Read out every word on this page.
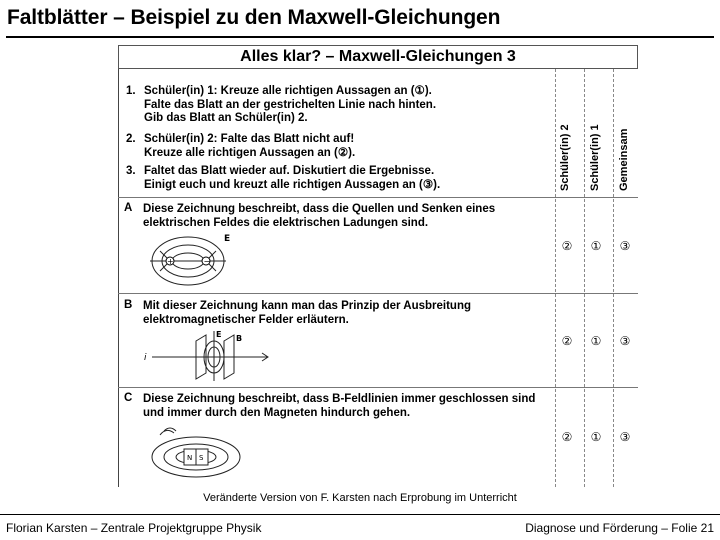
Faltblätter – Beispiel zu den Maxwell-Gleichungen
Alles klar? – Maxwell-Gleichungen 3
1. Schüler(in) 1: Kreuze alle richtigen Aussagen an (①).
Falte das Blatt an der gestrichelten Linie nach hinten.
Gib das Blatt an Schüler(in) 2.
2. Schüler(in) 2: Falte das Blatt nicht auf!
Kreuze alle richtigen Aussagen an (②).
3. Faltet das Blatt wieder auf. Diskutiert die Ergebnisse.
Einigt euch und kreuzt alle richtigen Aussagen an (③).	Schüler(in) 2 Schüler(in) 1 Gemeinsam
A Diese Zeichnung beschreibt, dass die Quellen und Senken eines
elektrischen Feldes die elektrischen Ladungen sind.
+	−
E	② ① ③
B Mit dieser Zeichnung kann man das Prinzip der Ausbreitung
elektromagnetischer Felder erläutern.
i
E B	② ① ③
C Diese Zeichnung beschreibt, dass B-Feldlinien immer geschlossen sind
und immer durch den Magneten hindurch gehen.
N S
② ① ③
Veränderte Version von F. Karsten nach Erprobung im Unterricht
Florian Karsten – Zentrale Projektgruppe Physik	Diagnose und Förderung – Folie 21
